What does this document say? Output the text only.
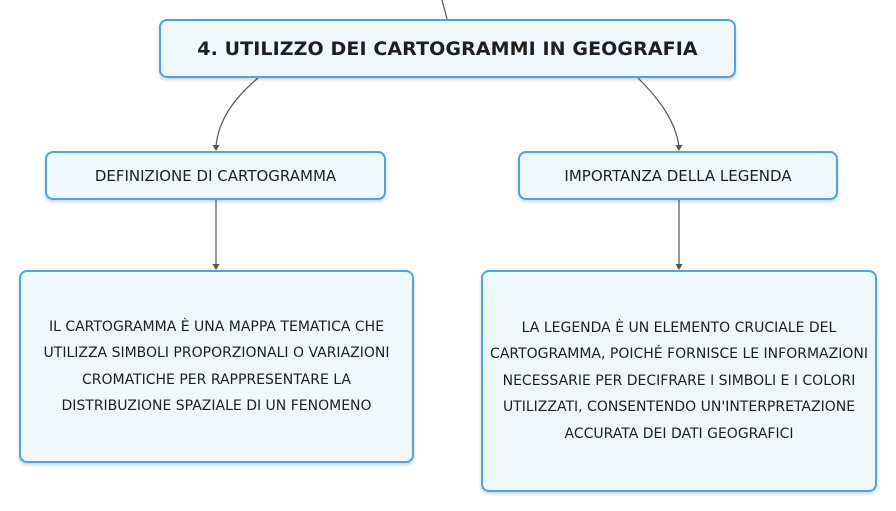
4. UTILIZZO DEI CARTOGRAMMI IN GEOGRAFIA
DEFINIZIONE DI CARTOGRAMMA	IMPORTANZA DELLA LEGENDA
IL CARTOGRAMMA È UNA MAPPA TEMATICA CHE UTILIZZA SIMBOLI PROPORZIONALI O VARIAZIONI CROMATICHE PER RAPPRESENTARE LA DISTRIBUZIONE SPAZIALE DI UN FENOMENO
LA LEGENDA È UN ELEMENTO CRUCIALE DEL CARTOGRAMMA, POICHÉ FORNISCE LE INFORMAZIONI NECESSARIE PER DECIFRARE I SIMBOLI E I COLORI UTILIZZATI, CONSENTENDO UN'INTERPRETAZIONE ACCURATA DEI DATI GEOGRAFICI
